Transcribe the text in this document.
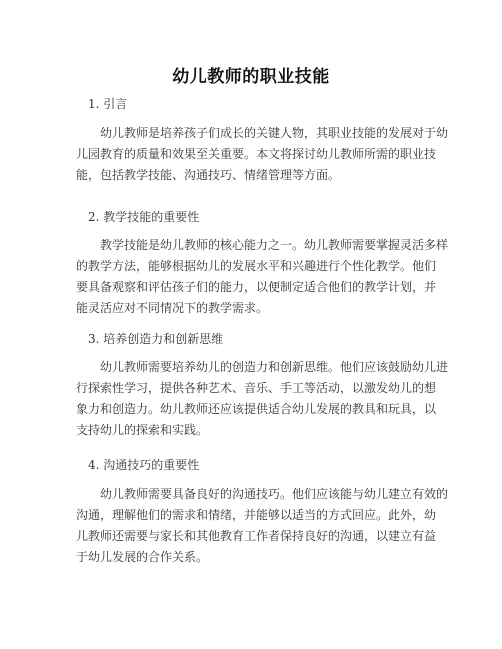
幼儿教师的职业技能
1. 引言
幼儿教师是培养孩子们成长的关键人物，其职业技能的发展对于幼
儿园教育的质量和效果至关重要。本文将探讨幼儿教师所需的职业技
能，包括教学技能、沟通技巧、情绪管理等方面。
2. 教学技能的重要性
教学技能是幼儿教师的核心能力之一。幼儿教师需要掌握灵活多样
的教学方法，能够根据幼儿的发展水平和兴趣进行个性化教学。他们
要具备观察和评估孩子们的能力，以便制定适合他们的教学计划，并
能灵活应对不同情况下的教学需求。
3. 培养创造力和创新思维
幼儿教师需要培养幼儿的创造力和创新思维。他们应该鼓励幼儿进
行探索性学习，提供各种艺术、音乐、手工等活动，以激发幼儿的想
象力和创造力。幼儿教师还应该提供适合幼儿发展的教具和玩具，以
支持幼儿的探索和实践。
4. 沟通技巧的重要性
幼儿教师需要具备良好的沟通技巧。他们应该能与幼儿建立有效的
沟通，理解他们的需求和情绪，并能够以适当的方式回应。此外，幼
儿教师还需要与家长和其他教育工作者保持良好的沟通，以建立有益
于幼儿发展的合作关系。
